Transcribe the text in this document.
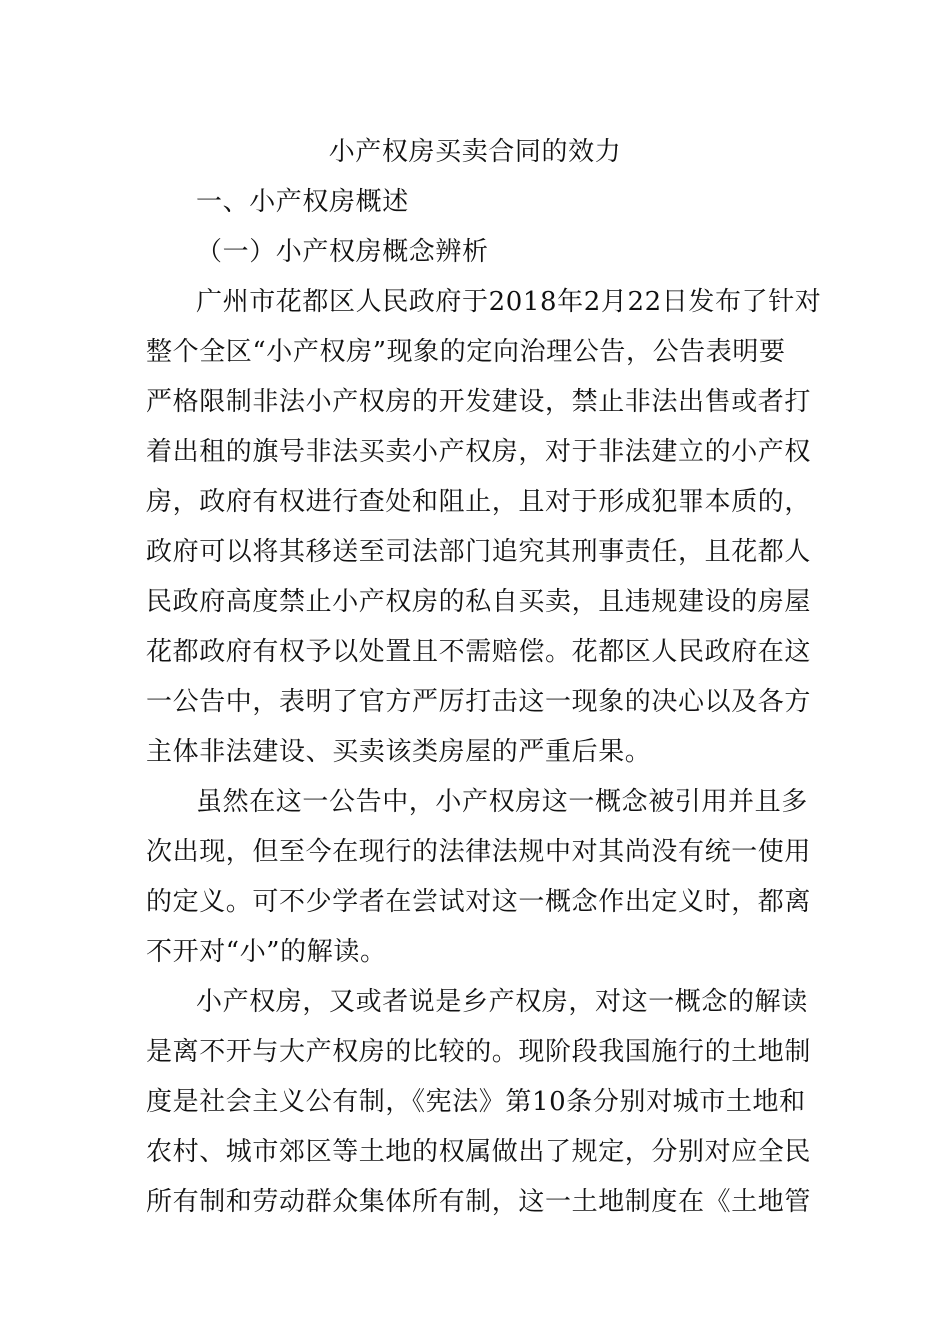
小产权房买卖合同的效力

一、小产权房概述

（一）小产权房概念辨析

广州市花都区人民政府于2018年2月22日发布了针对

整个全区“小产权房”现象的定向治理公告，公告表明要

严格限制非法小产权房的开发建设，禁止非法出售或者打

着出租的旗号非法买卖小产权房，对于非法建立的小产权

房，政府有权进行查处和阻止，且对于形成犯罪本质的，

政府可以将其移送至司法部门追究其刑事责任，且花都人

民政府高度禁止小产权房的私自买卖，且违规建设的房屋

花都政府有权予以处置且不需赔偿。花都区人民政府在这

一公告中，表明了官方严厉打击这一现象的决心以及各方

主体非法建设、买卖该类房屋的严重后果。

虽然在这一公告中，小产权房这一概念被引用并且多

次出现，但至今在现行的法律法规中对其尚没有统一使用

的定义。可不少学者在尝试对这一概念作出定义时，都离

不开对“小”的解读。

小产权房，又或者说是乡产权房，对这一概念的解读

是离不开与大产权房的比较的。现阶段我国施行的土地制

度是社会主义公有制，《宪法》第10条分别对城市土地和

农村、城市郊区等土地的权属做出了规定，分别对应全民

所有制和劳动群众集体所有制，这一土地制度在《土地管
